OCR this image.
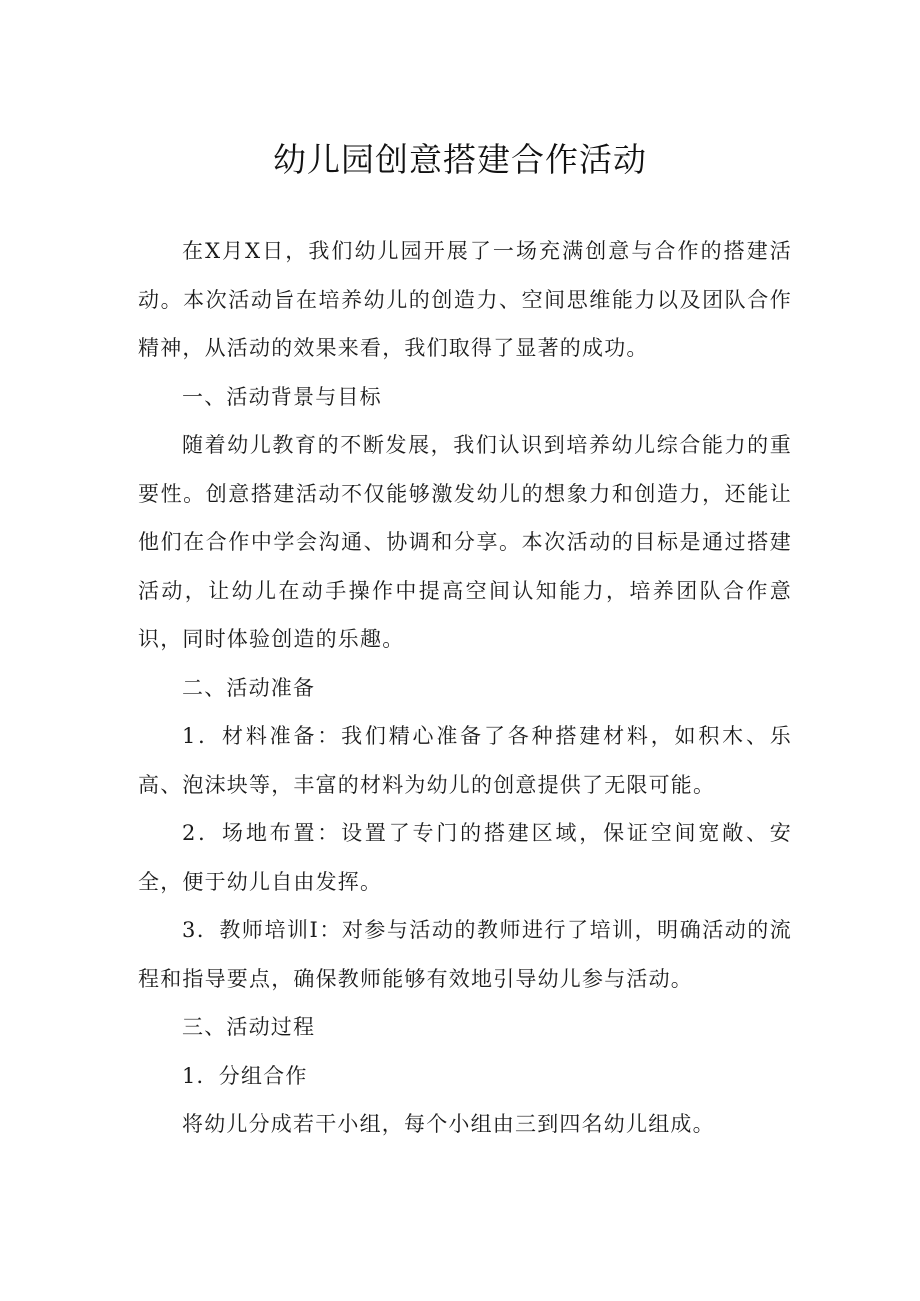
幼儿园创意搭建合作活动

在X月X日，我们幼儿园开展了一场充满创意与合作的搭建活动。本次活动旨在培养幼儿的创造力、空间思维能力以及团队合作精神，从活动的效果来看，我们取得了显著的成功。

一、活动背景与目标

随着幼儿教育的不断发展，我们认识到培养幼儿综合能力的重要性。创意搭建活动不仅能够激发幼儿的想象力和创造力，还能让他们在合作中学会沟通、协调和分享。本次活动的目标是通过搭建活动，让幼儿在动手操作中提高空间认知能力，培养团队合作意识，同时体验创造的乐趣。

二、活动准备

1．材料准备：我们精心准备了各种搭建材料，如积木、乐高、泡沫块等，丰富的材料为幼儿的创意提供了无限可能。

2．场地布置：设置了专门的搭建区域，保证空间宽敞、安全，便于幼儿自由发挥。

3．教师培训I：对参与活动的教师进行了培训，明确活动的流程和指导要点，确保教师能够有效地引导幼儿参与活动。

三、活动过程

1．分组合作

将幼儿分成若干小组，每个小组由三到四名幼儿组成。
